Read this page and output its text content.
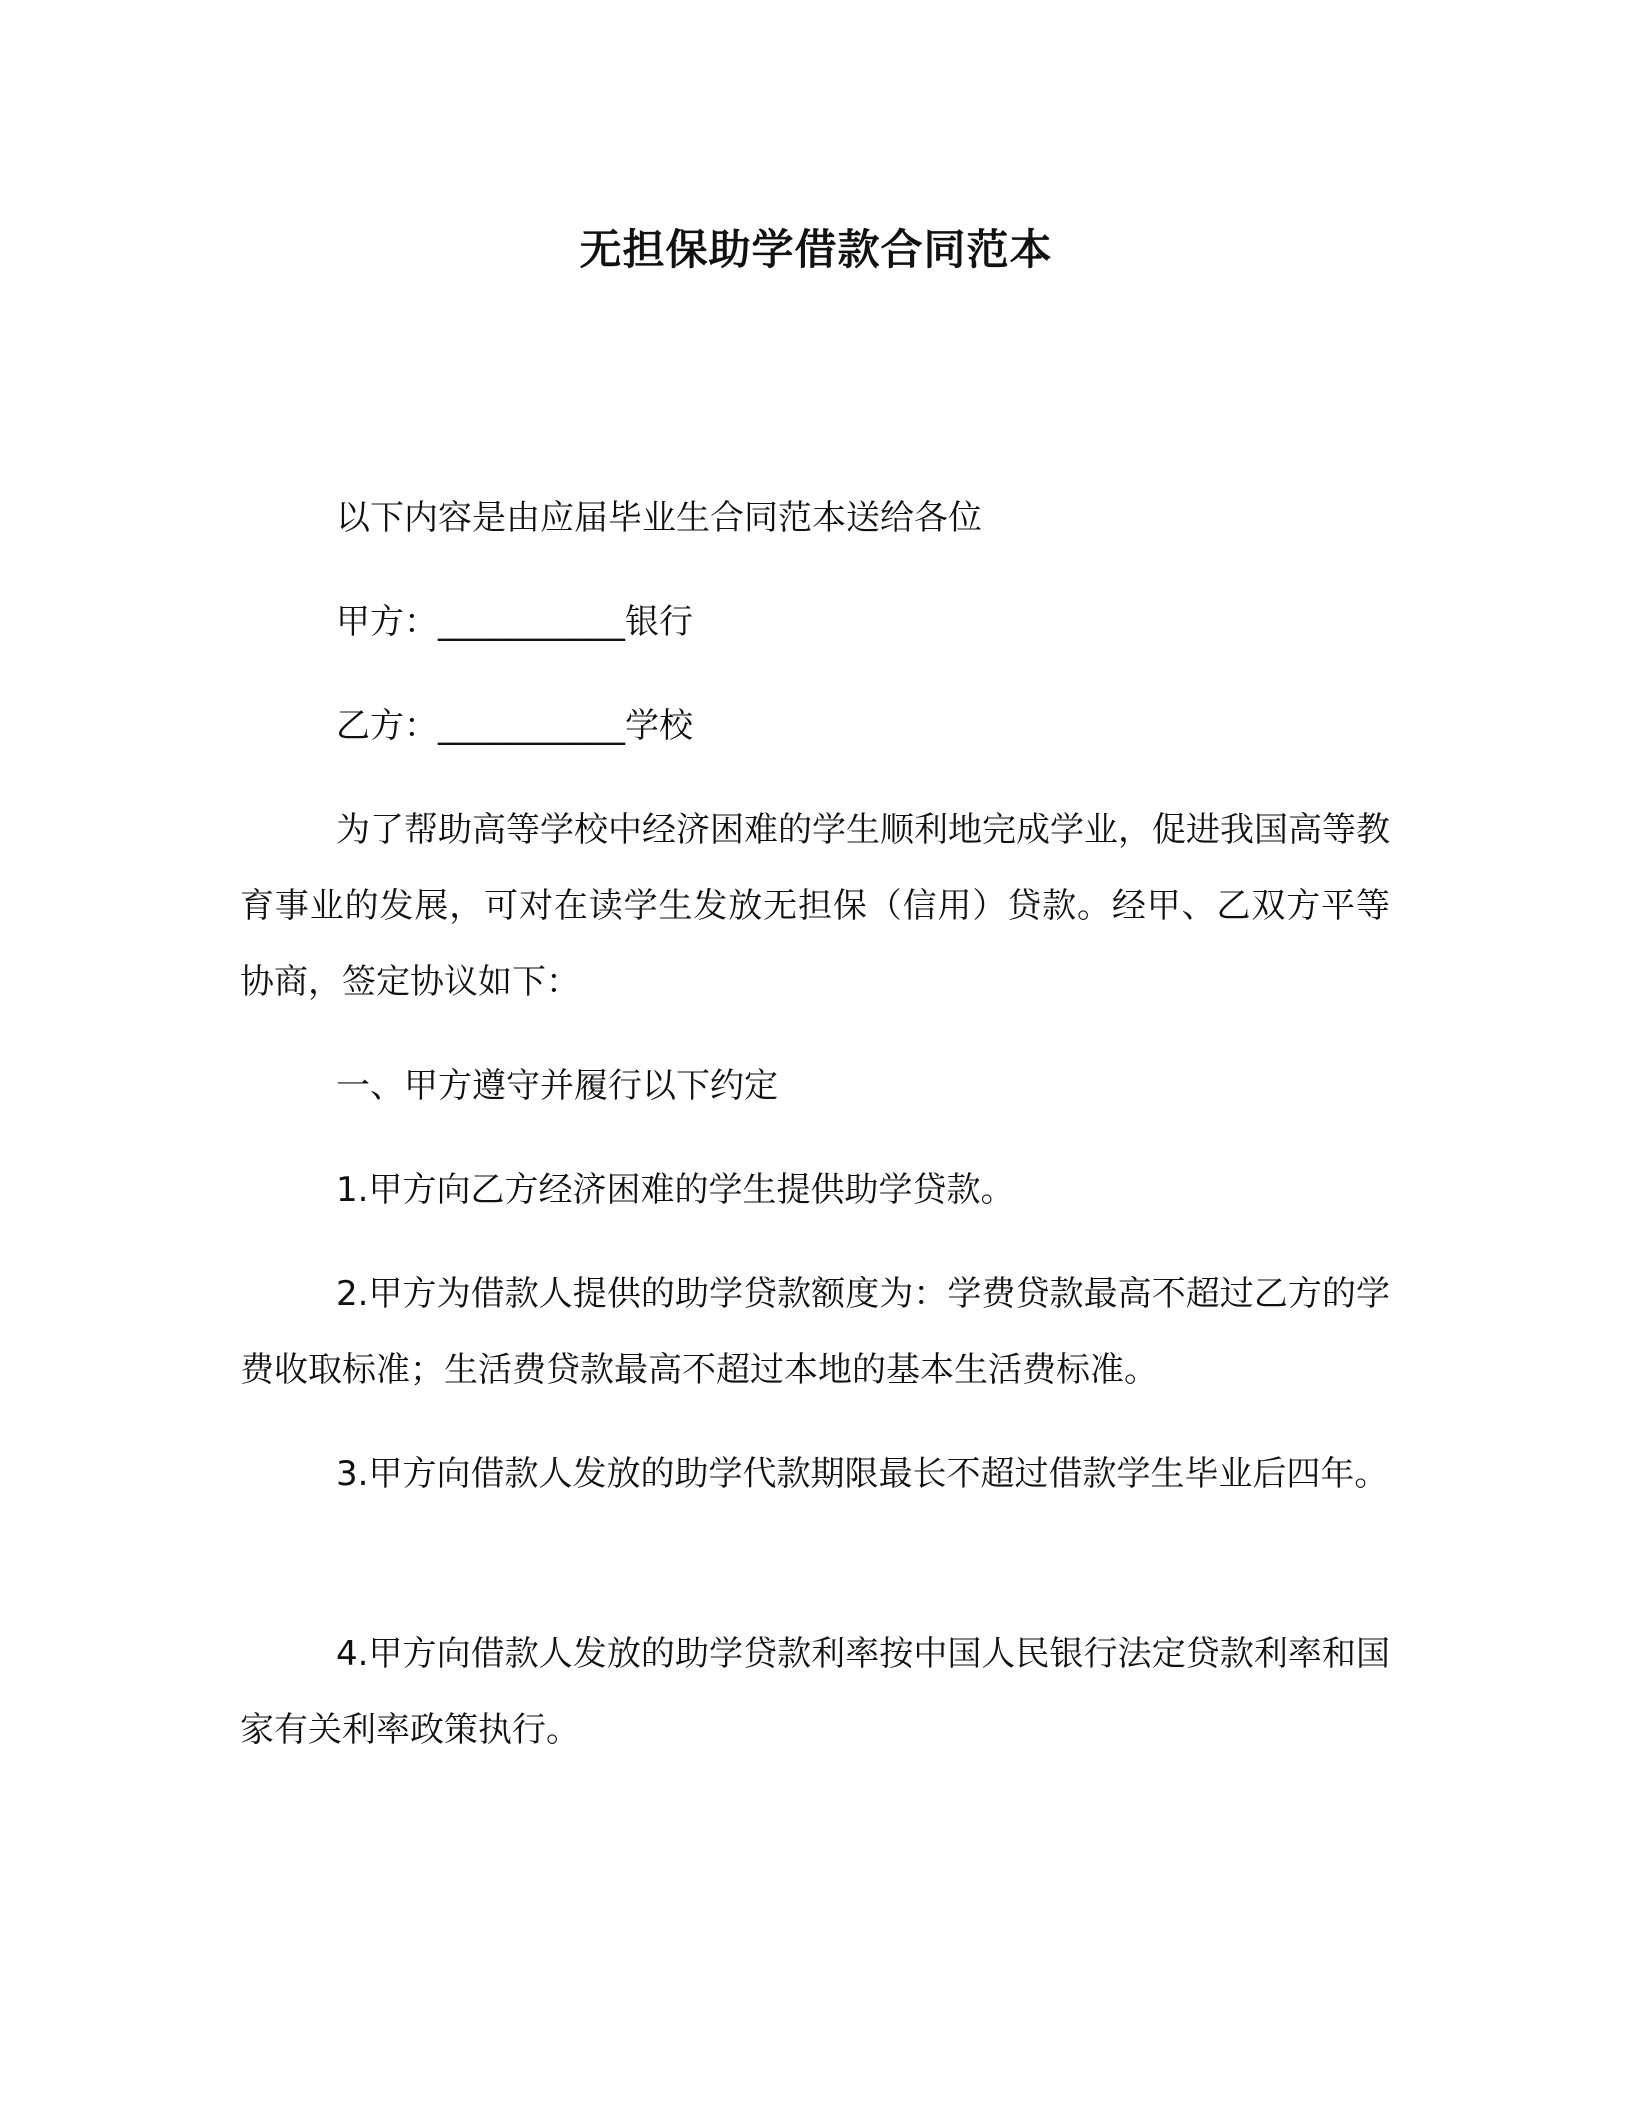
无担保助学借款合同范本

以下内容是由应届毕业生合同范本送给各位

甲方：___________银行

乙方：___________学校

为了帮助高等学校中经济困难的学生顺利地完成学业，促进我国高等教育事业的发展，可对在读学生发放无担保（信用）贷款。经甲、乙双方平等协商，签定协议如下：

一、甲方遵守并履行以下约定

1.甲方向乙方经济困难的学生提供助学贷款。

2.甲方为借款人提供的助学贷款额度为：学费贷款最高不超过乙方的学费收取标准；生活费贷款最高不超过本地的基本生活费标准。

3.甲方向借款人发放的助学代款期限最长不超过借款学生毕业后四年。

4.甲方向借款人发放的助学贷款利率按中国人民银行法定贷款利率和国家有关利率政策执行。
